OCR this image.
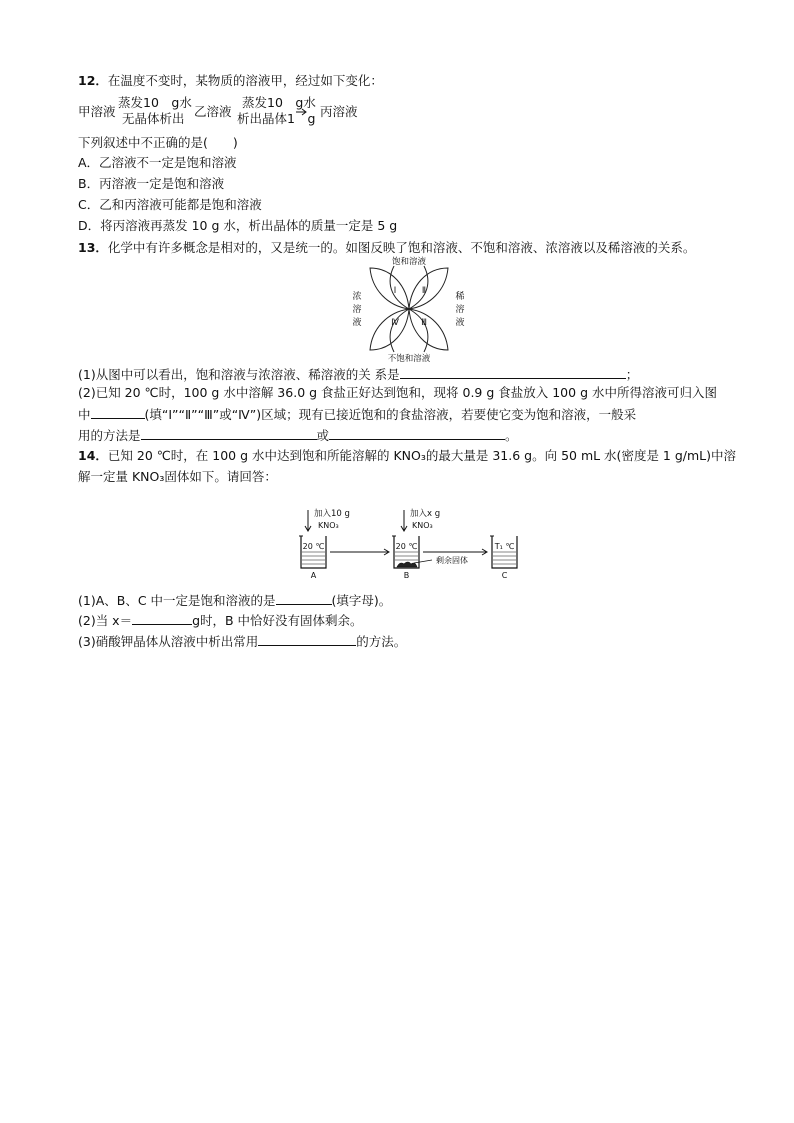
12．在温度不变时，某物质的溶液甲，经过如下变化：
甲溶液
蒸发10　g水
无晶体析出 乙溶液
蒸发10　g水
析出晶体1　g 丙溶液
下列叙述中不正确的是(　　)
A．乙溶液不一定是饱和溶液
B．丙溶液一定是饱和溶液
C．乙和丙溶液可能都是饱和溶液
D．将丙溶液再蒸发 10 g 水，析出晶体的质量一定是 5 g
13．化学中有许多概念是相对的，又是统一的。如图反映了饱和溶液、不饱和溶液、浓溶液以及稀溶液的关系。
饱和溶液
浓
溶
液
稀
溶
液
Ⅰ	Ⅱ
Ⅲ
Ⅳ
不饱和溶液
(1)从图中可以看出，饱和溶液与浓溶液、稀溶液的关 系是	；
(2)已知 20 ℃时，100 g 水中溶解 36.0 g 食盐正好达到饱和，现将 0.9 g 食盐放入 100 g 水中所得溶液可归入图
中	(填“Ⅰ”“Ⅱ”“Ⅲ”或“Ⅳ”)区域；现有已接近饱和的食盐溶液，若要使它变为饱和溶液，一般采
用的方法是	或	。
14．已知 20 ℃时，在 100 g 水中达到饱和所能溶解的 KNO₃的最大量是 31.6 g。向 50 mL 水(密度是 1 g/mL)中溶
解一定量 KNO₃固体如下。请回答：
加入10 g
KNO₃
20 ℃
A
加入x g
KNO₃
20 ℃
B
剩余固体
T₁ ℃
C
(1)A、B、C 中一定是饱和溶液的是	(填字母)。
(2)当 x＝	g时，B 中恰好没有固体剩余。
(3)硝酸钾晶体从溶液中析出常用	的方法。
